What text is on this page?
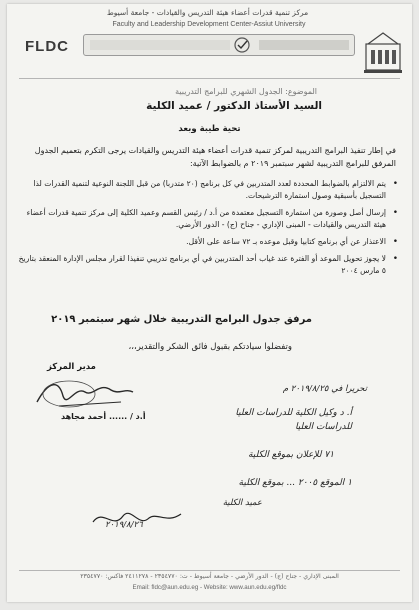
مركز تنمية قدرات أعضاء هيئة التدريس والقيادات - جامعة أسيوط
Faculty and Leadership Development Center-Assiut University
FLDC
الموضوع: الجدول الشهري للبرامج التدريبية
السيد الأستاذ الدكتور / عميد الكلية
تحية طيبة وبعد
في إطار تنفيذ البرامج التدريبية لمركز تنمية قدرات أعضاء هيئة التدريس والقيادات يرجى التكرم بتعميم الجدول المرفق للبرامج التدريبية لشهر سبتمبر ٢٠١٩ م بالضوابط الآتية:
• يتم الالتزام بالضوابط المحددة لعدد المتدربين في كل برنامج (٢٠ متدربا) من قبل اللجنة النوعية لتنمية القدرات لذا التسجيل بأسبقية وصول استمارة الترشيحات.
• إرسال أصل وصورة من استمارة التسجيل معتمدة من أ.د / رئيس القسم وعميد الكلية إلى مركز تنمية قدرات أعضاء هيئة التدريس والقيادات - المبنى الإداري - جناح (ج) - الدور الأرضي.
• الاعتذار عن أي برنامج كتابيا وقبل موعده بـ ٧٢ ساعة على الأقل.
• لا يجوز تحويل الموعد أو الفترة عند غياب أحد المتدربين في أي برنامج تدريبي تنفيذا لقرار مجلس الإدارة المنعقد بتاريخ ٥ مارس ٢٠٠٤
مرفق جدول البرامج التدريبية خلال شهر سبتمبر ٢٠١٩
وتفضلوا سيادتكم بقبول فائق الشكر والتقدير،،،
مدير المركز
أ.د / ...... أحمد مجاهد
تحريرا في ٢٠١٩/٨/٢٥ م
أ. د وكيل الكلية للدراسات العليا
للدراسات العليا
٧١ للإعلان بموقع الكلية
١ الموقع ٢٠٠٥ ... بموقع الكلية
عميد الكلية
٢٠١٩/٨/٢٦
المبنى الإداري - جناح (ج) - الدور الأرضي - جامعة أسيوط - ت: ٢٣٥٤٧٧٠ - ٢٤١١٢٧٨ فاكس: ٢٣٥٤٧٧٠
Email: fldc@aun.edu.eg - Website: www.aun.edu.eg/fldc
